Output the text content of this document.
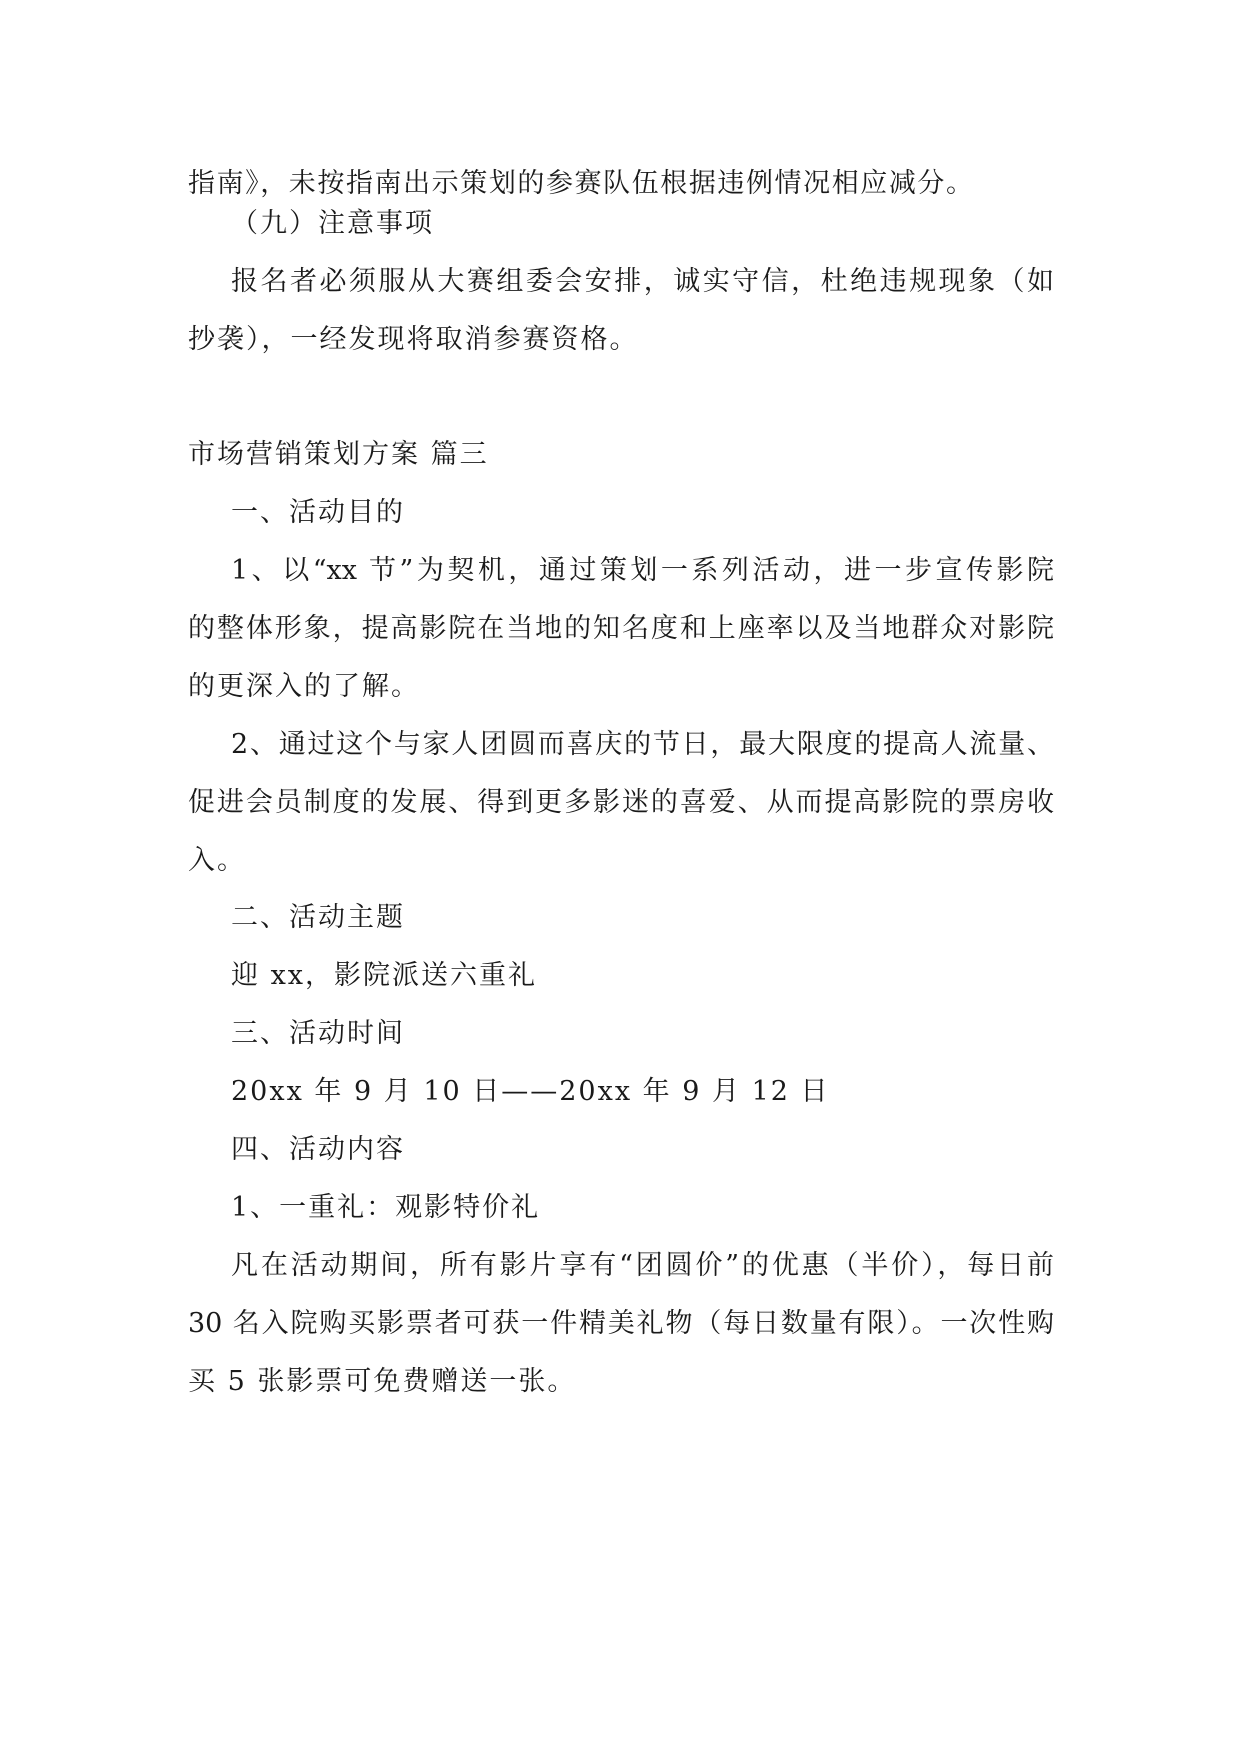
指南》，未按指南出示策划的参赛队伍根据违例情况相应减分。
（九）注意事项
报名者必须服从大赛组委会安排，诚实守信，杜绝违规现象（如
抄袭），一经发现将取消参赛资格。
市场营销策划方案 篇三
一、活动目的
1、以“xx 节”为契机，通过策划一系列活动，进一步宣传影院
的整体形象，提高影院在当地的知名度和上座率以及当地群众对影院
的更深入的了解。
2、通过这个与家人团圆而喜庆的节日，最大限度的提高人流量、
促进会员制度的发展、得到更多影迷的喜爱、从而提高影院的票房收
入。
二、活动主题
迎 xx，影院派送六重礼
三、活动时间
20xx 年 9 月 10 日——20xx 年 9 月 12 日
四、活动内容
1、一重礼：观影特价礼
凡在活动期间，所有影片享有“团圆价”的优惠（半价），每日前
30 名入院购买影票者可获一件精美礼物（每日数量有限）。一次性购
买 5 张影票可免费赠送一张。
